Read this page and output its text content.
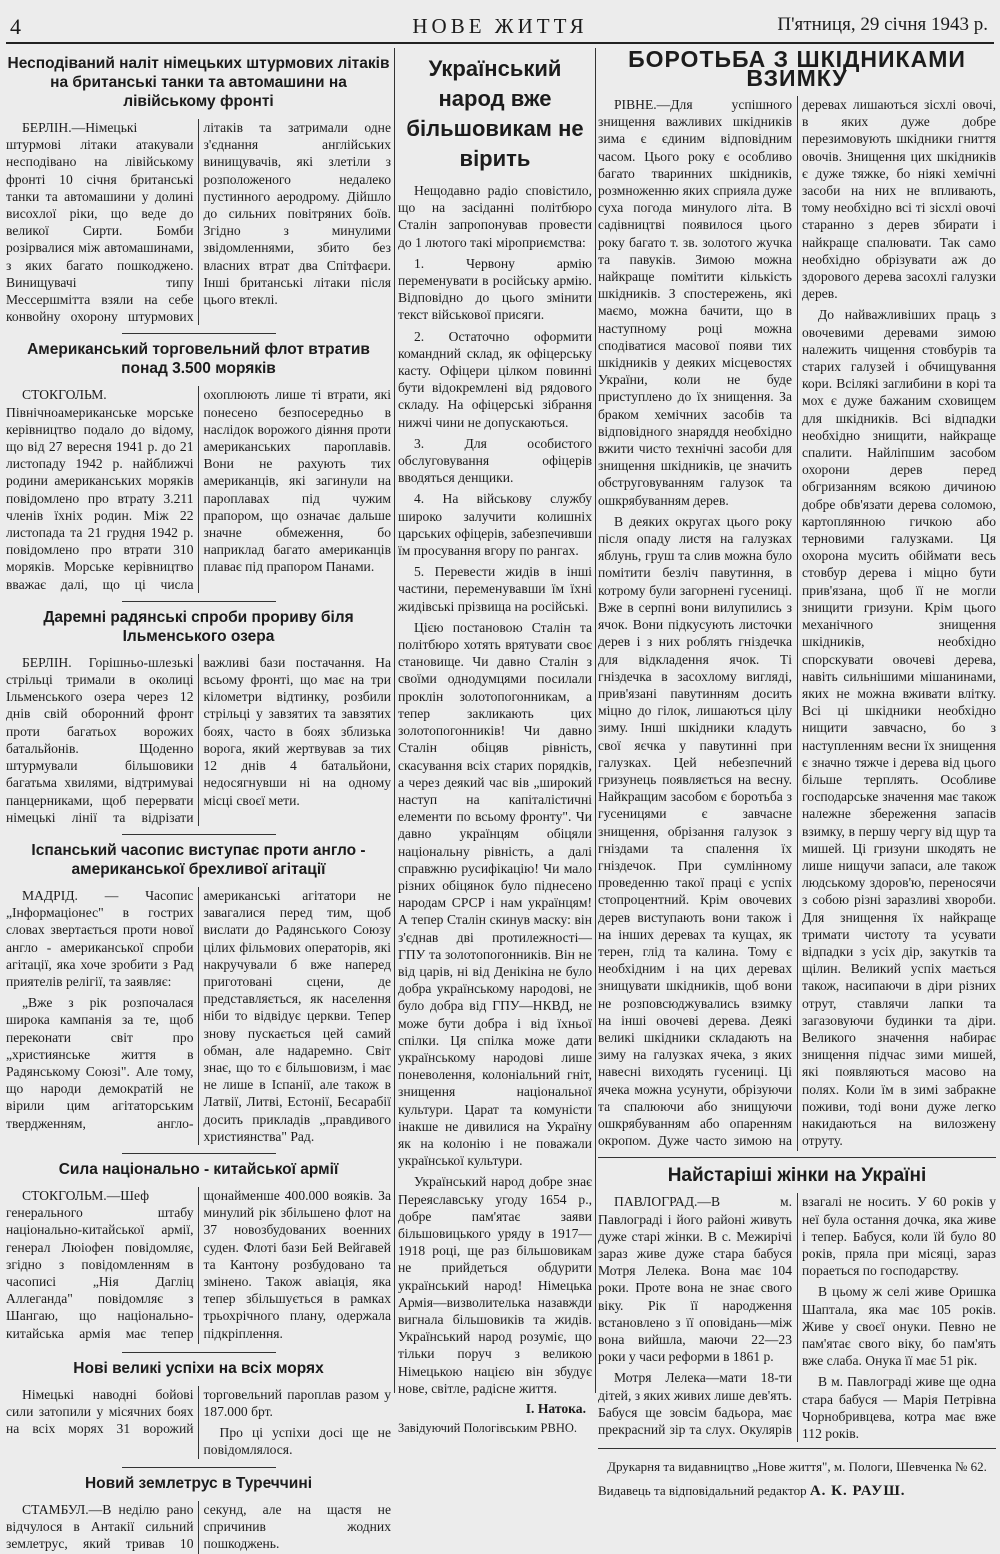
4	НОВЕ ЖИТТЯ	П'ятниця, 29 січня 1943 р.
Несподіваний наліт німецьких штурмових літаків на британські танки та автомашини на лівійському фронті

БЕРЛІН.—Німецькі штурмові літаки атакували несподівано на лівійському фронті 10 січня британські танки та автомашини у долині висохлої ріки, що веде до великої Сирти. Бомби розірвалися між автомашинами, з яких багато пошкоджено. Винищувачі типу Мессершмітта взяли на себе конвойну охорону штурмових літаків та затримали одне з'єднання англійських винищувачів, які злетіли з розположеного недалеко пустинного аеродрому. Дійшло до сильних повітряних боїв. Згідно з минулими звідомленнями, збито без власних втрат два Спітфаєри. Інші британські літаки після цього втеклі.

Американський торговельний флот втратив понад 3.500 моряків

СТОКГОЛЬМ. Північноамериканське морське керівництво подало до відому, що від 27 вересня 1941 р. до 21 листопаду 1942 р. найближчі родини американських моряків повідомлено про втрату 3.211 членів їхніх родин. Між 22 листопада та 21 грудня 1942 р. повідомлено про втрати 310 моряків. Морське керівництво вважає далі, що ці числа охоплюють лише ті втрати, які понесено безпосередньо в наслідок ворожого діяння проти американських пароплавів. Вони не рахують тих американців, які загинули на пароплавах під чужим прапором, що означає дальше значне обмеження, бо наприклад багато американців плаває під прапором Панами.

Даремні радянські спроби прориву біля Ільменського озера

БЕРЛІН. Горішньо-шлезькі стрільці тримали в околиці Ільменського озера через 12 днів свій оборонний фронт проти багатьох ворожих батальйонів. Щоденно штурмували більшовики багатьма хвилями, відтримуваі панцерниками, щоб перервати німецькі лінії та відрізати важливі бази постачання. На всьому фронті, що має на три кілометри відтинку, розбили стрільці у завзятих та завзятих боях, часто в боях зблизька ворога, який жертвував за тих 12 днів 4 батальйони, недосягнувши ні на одному місці своєї мети.

Іспанський часопис виступає проти англо - американської брехливої агітації

МАДРІД. — Часопис „Інформаціонес" в гострих словах звертається проти нової англо - американської спроби агітації, яка хоче зробити з Рад приятелів релігії, та заявляє:

„Вже з рік розпочалася широка кампанія за те, щоб переконати світ про „християнське життя в Радянському Союзі". Але тому, що народи демократій не вірили цим агітаторським твердженням, англо-американські агітатори не завагалися перед тим, щоб вислати до Радянського Союзу цілих фільмових операторів, які накручували б вже наперед приготовані сцени, де представляється, як населення ніби то відвідує церкви. Тепер знову пускається цей самий обман, але надаремно. Світ знає, що то є більшовизм, і має не лише в Іспанії, але також в Латвії, Литві, Естонії, Бесарабії досить прикладів „правдивого християнства" Рад.

Сила національно - китайської армії

СТОКГОЛЬМ.—Шеф генерального штабу національно-китайської армії, генерал Люіофен повідомляє, згідно з повідомленням в часописі „Нія Дагліц Аллеганда" повідомляє з Шангаю, що національно-китайська армія має тепер щонайменше 400.000 вояків. За минулий рік збільшено флот на 37 новозбудованих военних суден. Флоті бази Бей Вейгавей та Кантону розбудовано та змінено. Також авіація, яка тепер збільшується в рамках трьохрічного плану, одержала підкріплення.

Нові великі успіхи на всіх морях

Німецькі наводні бойові сили затопили у місячних боях на всіх морях 31 ворожий торговельний пароплав разом у 187.000 брт.

Про ці успіхи досі ще не повідомлялося.

Новий землетрус в Туреччині

СТАМБУЛ.—В неділю рано відчулося в Антакії сильний землетрус, який тривав 10 секунд, але на щастя не спричинив жодних пошкоджень.

Український народ вже більшовикам не вірить

Нещодавно радіо сповістило, що на засіданні політбюро Сталін запропонував провести до 1 лютого такі міроприємства:

1. Червону армію переменувати в російську армію. Відповідно до цього змінити текст військової присяги.

2. Остаточно оформити командний склад, як офіцерську касту. Офіцери цілком повинні бути відокремлені від рядового складу. На офіцерські зібрання нижчі чини не допускаються.

3. Для особистого обслуговування офіцерів вводяться денщики.

4. На військову службу широко залучити колишніх царських офіцерів, забезпечивши їм просування вгору по рангах.

5. Перевести жидів в інші частини, переменувавши їм їхні жидівські прізвища на російські.

Цією постановою Сталін та політбюро хотять врятувати своє становище. Чи давно Сталін з своїми однодумцями посилали проклін золотопогонникам, а тепер закликають цих золотопогонників! Чи давно Сталін обіцяв рівність, скасування всіх старих порядків, а через деякий час вів „широкий наступ на капіталістичні елементи по всьому фронту". Чи давно українцям обіцяли національну рівність, а далі справжню русифікацію! Чи мало різних обіцянок було піднесено народам СРСР і нам українцям! А тепер Сталін скинув маску: він з'єднав дві протилежності— ГПУ та золотопогонників. Він не від царів, ні від Денікіна не було добра українському народові, не було добра від ГПУ—НКВД, не може бути добра і від їхньої спілки. Ця спілка може дати українському народові лише поневолення, колоніальний гніт, знищення національної культури. Царат та комуністи інакше не дивилися на Україну як на колонію і не поважали української культури.

Український народ добре знає Переяславську угоду 1654 р., добре пам'ятає заяви більшовицького уряду в 1917—1918 році, ще раз більшовикам не прийдеться обдурити український народ! Німецька Армія—визволителька назавжди вигнала більшовиків та жидів. Український народ розуміє, що тільки поруч з великою Німецькою нацією він збудує нове, світле, радісне життя.

І. Натока.
Завідуючий Пологівським РВНО.
БОРОТЬБА З ШКІДНИКАМИ ВЗИМКУ

РІВНЕ.—Для успішного знищення важливих шкідників зима є єдиним відповідним часом. Цього року є особливо багато тваринних шкідників, розмноженню яких сприяла дуже суха погода минулого літа. В садівництві появилося цього року багато т. зв. золотого жучка та павуків. Зимою можна найкраще помітити кількість шкідників. З спостережень, які маємо, можна бачити, що в наступному році можна сподіватися масової появи тих шкідників у деяких місцевостях України, коли не буде приступлено до їх знищення. За браком хемічних засобів та відповідного знаряддя необхідно вжити чисто технічні засоби для знищення шкідників, це значить обструговуванням галузок та ошкрябуванням дерев.

В деяких округах цього року після опаду листя на галузках яблунь, груш та слив можна було помітити безліч павутиння, в котрому були загорнені гусениці. Вже в серпні вони вилупились з ячок. Вони підкусують листочки дерев і з них роблять гніздечка для відкладення ячок. Ті гніздечка в засохлому вигляді, прив'язані павутинням досить міцно до гілок, лишаються цілу зиму. Інші шкідники кладуть свої яєчка у павутинні при галузках. Цей небезпечний гризунець появляється на весну. Найкращим засобом є боротьба з гусеницями є завчасне знищення, обрізання галузок з гніздами та спалення їх гніздечок. При сумлінному проведенню такої праці є успіх стопроцентний. Крім овочевих дерев виступають вони також і на інших деревах та кущах, як терен, глід та калина. Тому є необхідним і на цих деревах знищувати шкідників, щоб вони не розповсюджувались взимку на інші овочеві дерева. Деякі великі шкідники складають на зиму на галузках ячека, з яких навесні виходять гусениці. Ці ячека можна усунути, обрізуючи та спалюючи або знищуючи ошкрябуванням або опаренням окропом. Дуже часто зимою на деревах лишаються зісхлі овочі, в яких дуже добре перезимовують шкідники гниття овочів. Знищення цих шкідників є дуже тяжке, бо ніякі хемічні засоби на них не впливають, тому необхідно всі ті зісхлі овочі старанно з дерев збирати і найкраще спалювати. Так само необхідно обрізувати аж до здорового дерева засохлі галузки дерев.

До найважливіших праць з овочевими деревами зимою належить чищення стовбурів та старих галузей і обчищування кори. Всілякі заглибини в корі та мох є дуже бажаним сховищем для шкідників. Всі відпадки необхідно знищити, найкраще спалити. Найліпшим засобом охорони дерев перед обгризанням всякою дичиною добре обв'язати дерева соломою, картоплянною гичкою або терновими галузками. Ця охорона мусить обіймати весь стовбур дерева і міцно бути прив'язана, щоб її не могли знищити гризуни. Крім цього механічного знищення шкідників, необхідно спорскувати овочеві дерева, навіть сильнішими мішанинами, яких не можна вживати влітку. Всі ці шкідники необхідно нищити завчасно, бо з наступленням весни їх знищення є значно тяжче і дерева від цього більше терплять. Особливе господарське значення має також належне збереження запасів взимку, в першу чергу від щур та мишей. Ці гризуни шкодять не лише нищучи запаси, але також людському здоров'ю, переносячи з собою різні заразливі хвороби. Для знищення їх найкраще тримати чистоту та усувати відпадки з усіх дір, закутків та щілин. Великий успіх мається також, насипаючи в діри різних отрут, ставлячи лапки та загазовуючи будинки та діри. Великого значення набирає знищення підчас зими мишей, які появляються масово на полях. Коли їм в зимі забракне поживи, тоді вони дуже легко накидаються на вилозжену отруту.

Найстаріші жінки на Україні

ПАВЛОГРАД.—В м. Павлограді і його районі живуть дуже старі жінки. В с. Межирічі зараз живе дуже стара бабуся Мотря Лелека. Вона має 104 роки. Проте вона не знає свого віку. Рік її народження встановлено з її оповідань—між вона вийшла, маючи 22—23 роки у часи реформи в 1861 р.

Мотря Лелека—мати 18-ти дітей, з яких живих лише дев'ять. Бабуся ще зовсім бадьора, має прекрасний зір та слух. Окулярів взагалі не носить. У 60 років у неї була остання дочка, яка живе і тепер. Бабуся, коли їй було 80 років, пряла при місяці, зараз пораеться по господарству.

В цьому ж селі живе Оришка Шаптала, яка має 105 років. Живе у своєї онуки. Певно не пам'ятає свого віку, бо пам'ять вже слаба. Онука її має 51 рік.

В м. Павлограді живе ще одна стара бабуся — Марія Петрівна Чорнобривцева, котра має вже 112 років.

Друкарня та видавництво „Нове життя", м. Пологи, Шевченка № 62.
Видавець та відповідальний редактор А. К. РАУШ.
